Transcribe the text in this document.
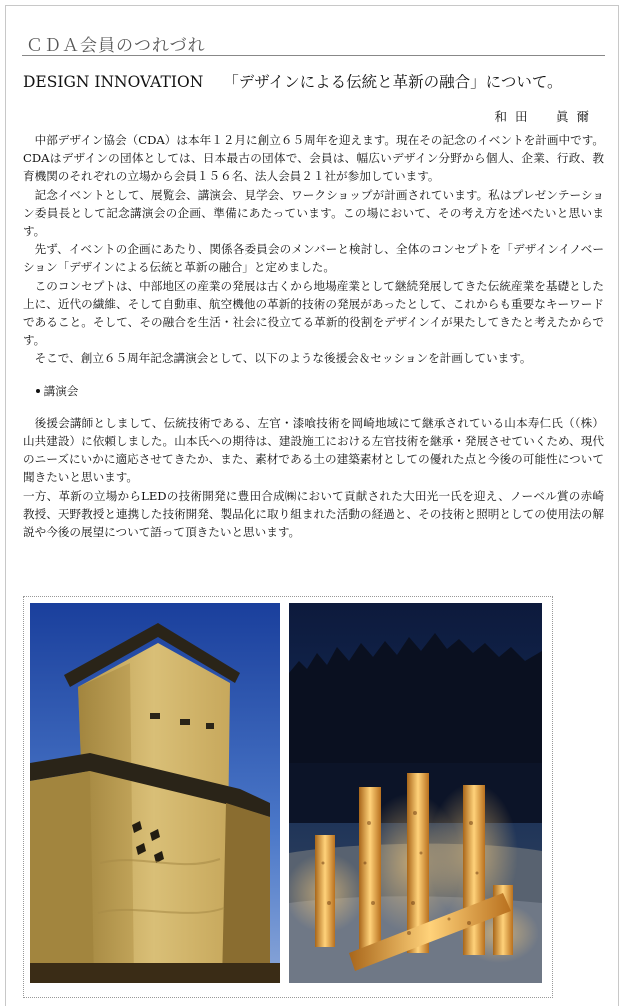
ＣＤＡ会員のつれづれ
DESIGN INNOVATION 「デザインによる伝統と革新の融合」について。
和田　眞爾

中部デザイン協会（CDA）は本年１２月に創立６５周年を迎えます。現在その記念のイベントを計画中です。CDAはデザインの団体としては、日本最古の団体で、会員は、幅広いデザイン分野から個人、企業、行政、教育機関のそれぞれの立場から会員１５６名、法人会員２１社が参加しています。

記念イベントとして、展覧会、講演会、見学会、ワークショップが計画されています。私はプレゼンテーション委員長として記念講演会の企画、準備にあたっています。この場において、その考え方を述べたいと思います。

先ず、イベントの企画にあたり、関係各委員会のメンバーと検討し、全体のコンセプトを「デザインイノベーション「デザインによる伝統と革新の融合」と定めました。

このコンセプトは、中部地区の産業の発展は古くから地場産業として継続発展してきた伝統産業を基礎とした上に、近代の繊維、そして自動車、航空機他の革新的技術の発展があったとして、これからも重要なキーワードであること。そして、その融合を生活・社会に役立てる革新的役割をデザインイが果たしてきたと考えたからです。

そこで、創立６５周年記念講演会として、以下のような後援会＆セッションを計画しています。

講演会

後援会講師としまして、伝統技術である、左官・漆喰技術を岡崎地域にて継承されている山本寿仁氏（（株）山共建設）に依頼しました。山本氏への期待は、建設施工における左官技術を継承・発展させていくため、現代のニーズにいかに適応させてきたか、また、素材である土の建築素材としての優れた点と今後の可能性について聞きたいと思います。

一方、革新の立場からLEDの技術開発に豊田合成㈱において貢献された大田光一氏を迎え、ノーベル賞の赤崎教授、天野教授と連携した技術開発、製品化に取り組まれた活動の経過と、その技術と照明としての使用法の解説や今後の展望について語って頂きたいと思います。
